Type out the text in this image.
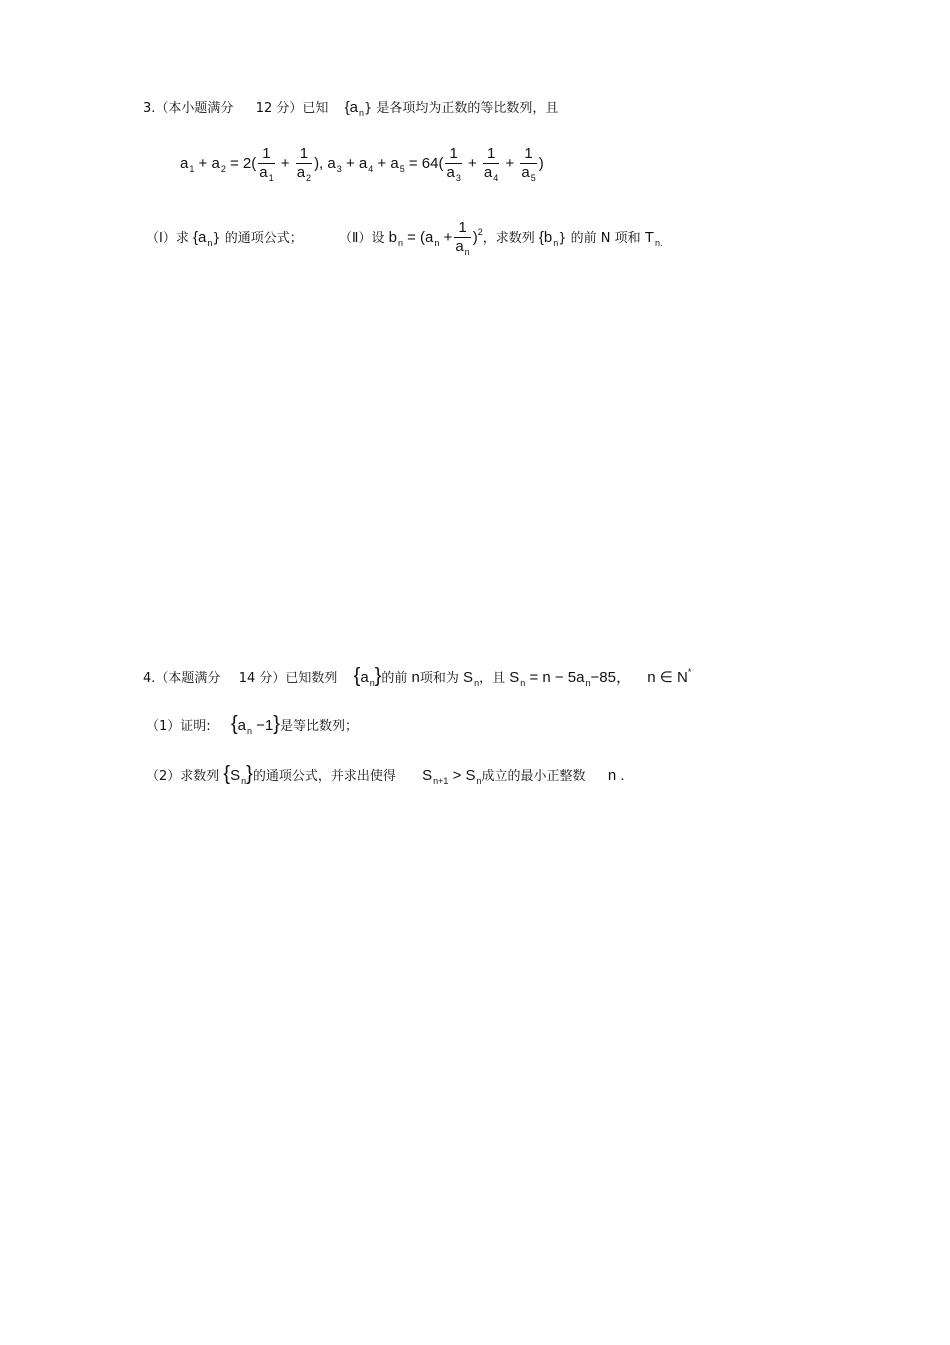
3.（本小题满分 12 分）已知 $\{a_n\}$ 是各项均为正数的等比数列，且
$a_1 + a_2 = 2( \frac{1}{a_1} + \frac{1}{a_2}$ ), $a_3 + a_4 + a_5 = 64( \frac{1}{a_3} + \frac{1}{a_4} + \frac{1}{a_5}$ )
（Ⅰ）求 $\{a_n\}$ 的通项公式；	（Ⅱ）设 $b_n = (a_n + \frac{1}{a_n} )^2$，求数列 $\{b_n\}$ 的前 N 项和 $T_{n.}$
4.（本题满分 14 分）已知数列 $\{a_n\}$的前 n项和为 $S_n$，且 $S_n = n - 5a_n-85$， n ∈ N*
（1）证明: $\{a_n -1\}$是等比数列；
（2）求数列 $\{S_n\}$的通项公式，并求出使得 $S_{n+1} > S_n$成立的最小正整数 n .
